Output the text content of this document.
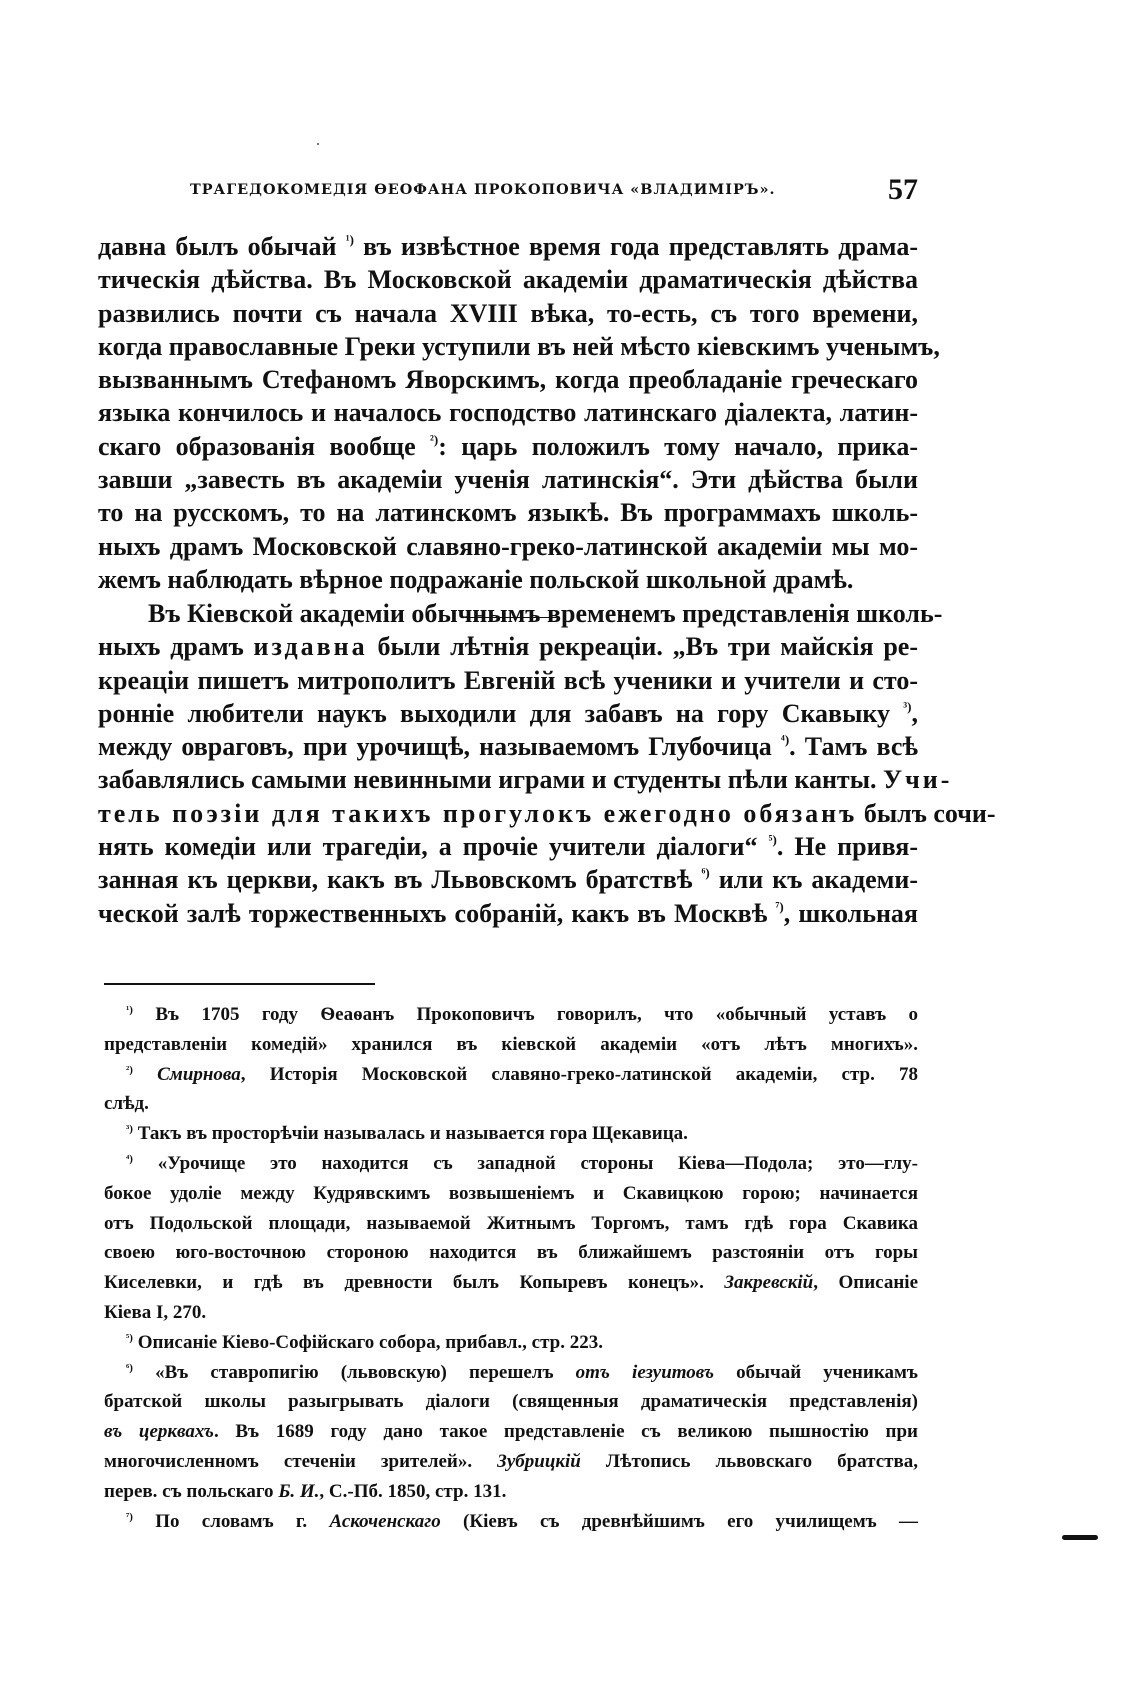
ТРАГЕДОКОМЕДІЯ ѲЕОФАНА ПРОКОПОВИЧА «ВЛАДИМІРЪ».	57
давна былъ обычай $^{^1)}$ въ извѣстное время года представлять драма-
тическія дѣйства. Въ Московской академіи драматическія дѣйства
развились почти съ начала XVIII вѣка, то-есть, съ того времени,
когда православные Греки уступили въ ней мѣсто кіевскимъ ученымъ,
вызваннымъ Стефаномъ Яворскимъ, когда преобладаніе греческаго
языка кончилось и началось господство латинскаго діалекта, латин-
скаго образованія вообще $^{^2)}$: царь положилъ тому начало, прика-
завши „завесть въ академіи ученія латинскія“. Эти дѣйства были
то на русскомъ, то на латинскомъ языкѣ. Въ программахъ школь-
ныхъ драмъ Московской славяно-греко-латинской академіи мы мо-
жемъ наблюдать вѣрное подражаніе польской школьной драмѣ.
Въ Кіевской академіи обычнымъ временемъ представленія школь-
ныхъ драмъ издавна были лѣтнія рекреаціи. „Въ три майскія ре-
креаціи пишетъ митрополитъ Евгеній всѣ ученики и учители и сто-
ронніе любители наукъ выходили для забавъ на гору Скавыку $^{^3)}$,
между овраговъ, при урочищѣ, называемомъ Глубочица $^{^4)}$. Тамъ всѣ
забавлялись самыми невинными играми и студенты пѣли канты. Учи-
тель поэзіи для такихъ прогулокъ ежегодно обязанъ былъ сочи-
нять комедіи или трагедіи, а прочіе учители діалоги“ $^{^5)}$. Не привя-
занная къ церкви, какъ въ Львовскомъ братствѣ $^{^6)}$ или къ академи-
ческой залѣ торжественныхъ собраній, какъ въ Москвѣ $^{^7)}$, школьная
$^{^1)}$ Въ 1705 году Ѳеаѳанъ Прокоповичъ говорилъ, что «обычный уставъ о
представленіи комедій» хранился въ кіевской академіи «отъ лѣтъ многихъ».
$^{^2)}$ Смирнова, Исторія Московской славяно-греко-латинской академіи, стр. 78
слѣд.
$^{^3)}$ Такъ въ просторѣчіи называлась и называется гора Щекавица.
$^{^4)}$ «Урочище это находится съ западной стороны Кіева—Подола; это—глу-
бокое удоліе между Кудрявскимъ возвышеніемъ и Скавицкою горою; начинается
отъ Подольской площади, называемой Житнымъ Торгомъ, тамъ гдѣ гора Скавика
своею юго-восточною стороною находится въ ближайшемъ разстояніи отъ горы
Киселевки, и гдѣ въ древности былъ Копыревъ конецъ». Закревскій, Описаніе
Кіева I, 270.
$^{^5)}$ Описаніе Кіево-Софійскаго собора, прибавл., стр. 223.
$^{^6)}$ «Въ ставропигію (львовскую) перешелъ отъ іезуитовъ обычай ученикамъ
братской школы разыгрывать діалоги (священныя драматическія представленія)
въ церквахъ. Въ 1689 году дано такое представленіе съ великою пышностію при
многочисленномъ стеченіи зрителей». Зубрицкій Лѣтопись львовскаго братства,
перев. съ польскаго Б. И., С.-Пб. 1850, стр. 131.
$^{^7)}$ По словамъ г. Аскоченскаго (Кіевъ съ древнѣйшимъ его училищемъ —
